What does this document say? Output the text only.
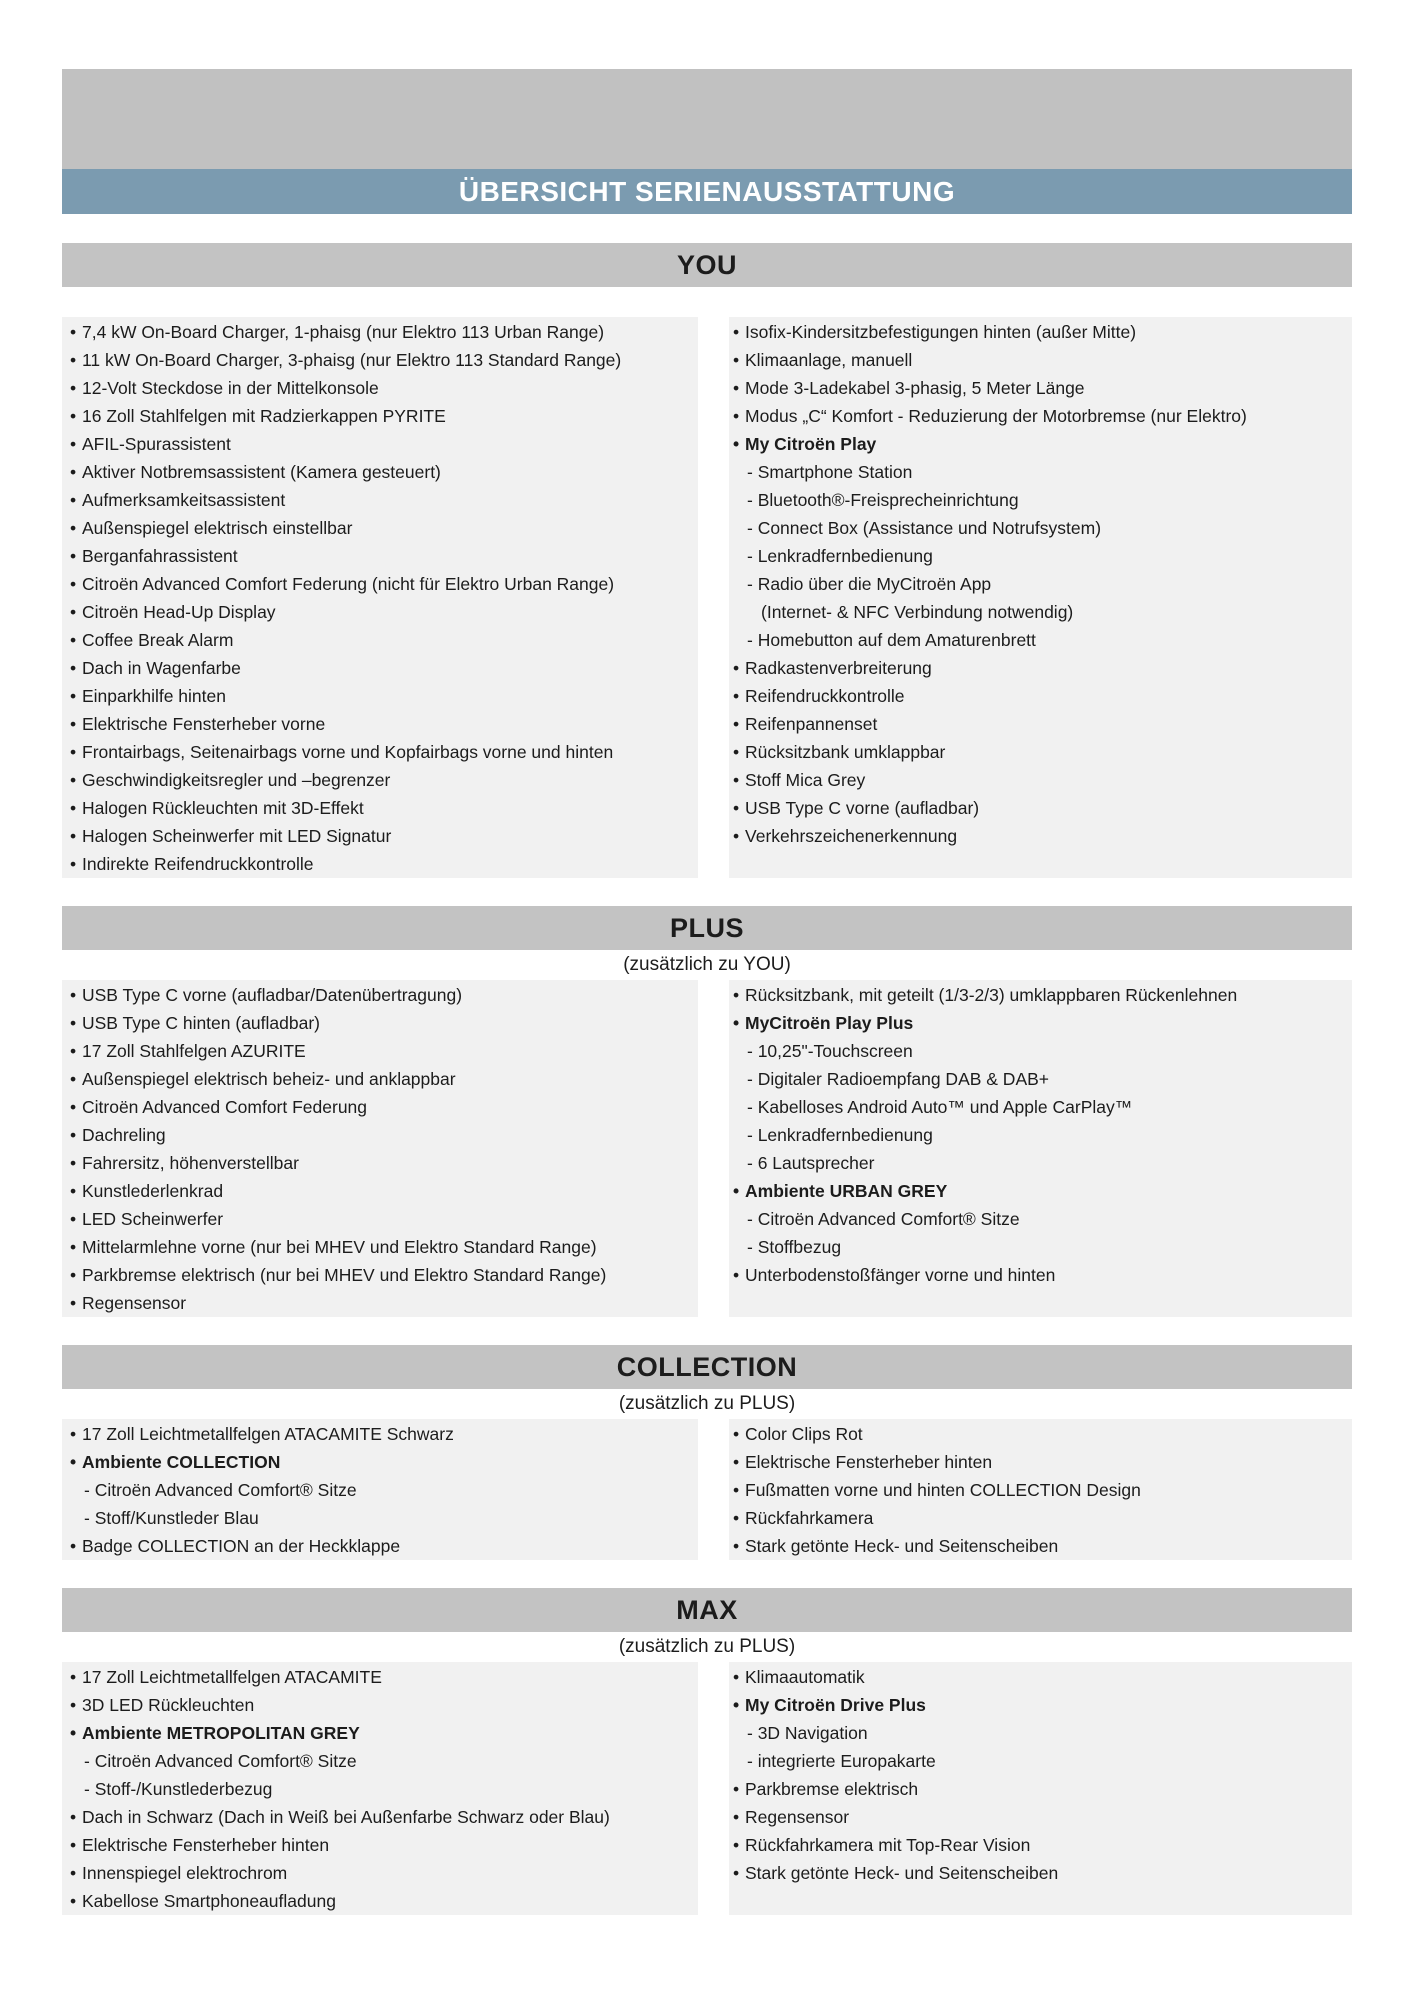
ÜBERSICHT SERIENAUSSTATTUNG
YOU
• 7,4 kW On-Board Charger, 1-phaisg (nur Elektro 113 Urban Range)
• 11 kW On-Board Charger, 3-phaisg (nur Elektro 113 Standard Range)
• 12-Volt Steckdose in der Mittelkonsole
• 16 Zoll Stahlfelgen mit Radzierkappen PYRITE
• AFIL-Spurassistent
• Aktiver Notbremsassistent (Kamera gesteuert)
• Aufmerksamkeitsassistent
• Außenspiegel elektrisch einstellbar
• Berganfahrassistent
• Citroën Advanced Comfort Federung (nicht für Elektro Urban Range)
• Citroën Head-Up Display
• Coffee Break Alarm
• Dach in Wagenfarbe
• Einparkhilfe hinten
• Elektrische Fensterheber vorne
• Frontairbags, Seitenairbags vorne und Kopfairbags vorne und hinten
• Geschwindigkeitsregler und –begrenzer
• Halogen Rückleuchten mit 3D-Effekt
• Halogen Scheinwerfer mit LED Signatur
• Indirekte Reifendruckkontrolle
• Isofix-Kindersitzbefestigungen hinten (außer Mitte)
• Klimaanlage, manuell
• Mode 3-Ladekabel 3-phasig, 5 Meter Länge
• Modus „C“ Komfort - Reduzierung der Motorbremse (nur Elektro)
• My Citroën Play
- Smartphone Station
- Bluetooth®-Freisprecheinrichtung
- Connect Box (Assistance und Notrufsystem)
- Lenkradfernbedienung
- Radio über die MyCitroën App
(Internet- & NFC Verbindung notwendig)
- Homebutton auf dem Amaturenbrett
• Radkastenverbreiterung
• Reifendruckkontrolle
• Reifenpannenset
• Rücksitzbank umklappbar
• Stoff Mica Grey
• USB Type C vorne (aufladbar)
• Verkehrszeichenerkennung
PLUS
(zusätzlich zu YOU)
• USB Type C vorne (aufladbar/Datenübertragung)
• USB Type C hinten (aufladbar)
• 17 Zoll Stahlfelgen AZURITE
• Außenspiegel elektrisch beheiz- und anklappbar
• Citroën Advanced Comfort Federung
• Dachreling
• Fahrersitz, höhenverstellbar
• Kunstlederlenkrad
• LED Scheinwerfer
• Mittelarmlehne vorne (nur bei MHEV und Elektro Standard Range)
• Parkbremse elektrisch (nur bei MHEV und Elektro Standard Range)
• Regensensor
• Rücksitzbank, mit geteilt (1/3-2/3) umklappbaren Rückenlehnen
• MyCitroën Play Plus
- 10,25"-Touchscreen
- Digitaler Radioempfang DAB & DAB+
- Kabelloses Android Auto™ und Apple CarPlay™
- Lenkradfernbedienung
- 6 Lautsprecher
• Ambiente URBAN GREY
- Citroën Advanced Comfort® Sitze
- Stoffbezug
• Unterbodenstoßfänger vorne und hinten
COLLECTION
(zusätzlich zu PLUS)
• 17 Zoll Leichtmetallfelgen ATACAMITE Schwarz
• Ambiente COLLECTION
- Citroën Advanced Comfort® Sitze
- Stoff/Kunstleder Blau
• Badge COLLECTION an der Heckklappe
• Color Clips Rot
• Elektrische Fensterheber hinten
• Fußmatten vorne und hinten COLLECTION Design
• Rückfahrkamera
• Stark getönte Heck- und Seitenscheiben
MAX
(zusätzlich zu PLUS)
• 17 Zoll Leichtmetallfelgen ATACAMITE
• 3D LED Rückleuchten
• Ambiente METROPOLITAN GREY
- Citroën Advanced Comfort® Sitze
- Stoff-/Kunstlederbezug
• Dach in Schwarz (Dach in Weiß bei Außenfarbe Schwarz oder Blau)
• Elektrische Fensterheber hinten
• Innenspiegel elektrochrom
• Kabellose Smartphoneaufladung
• Klimaautomatik
• My Citroën Drive Plus
- 3D Navigation
- integrierte Europakarte
• Parkbremse elektrisch
• Regensensor
• Rückfahrkamera mit Top-Rear Vision
• Stark getönte Heck- und Seitenscheiben
